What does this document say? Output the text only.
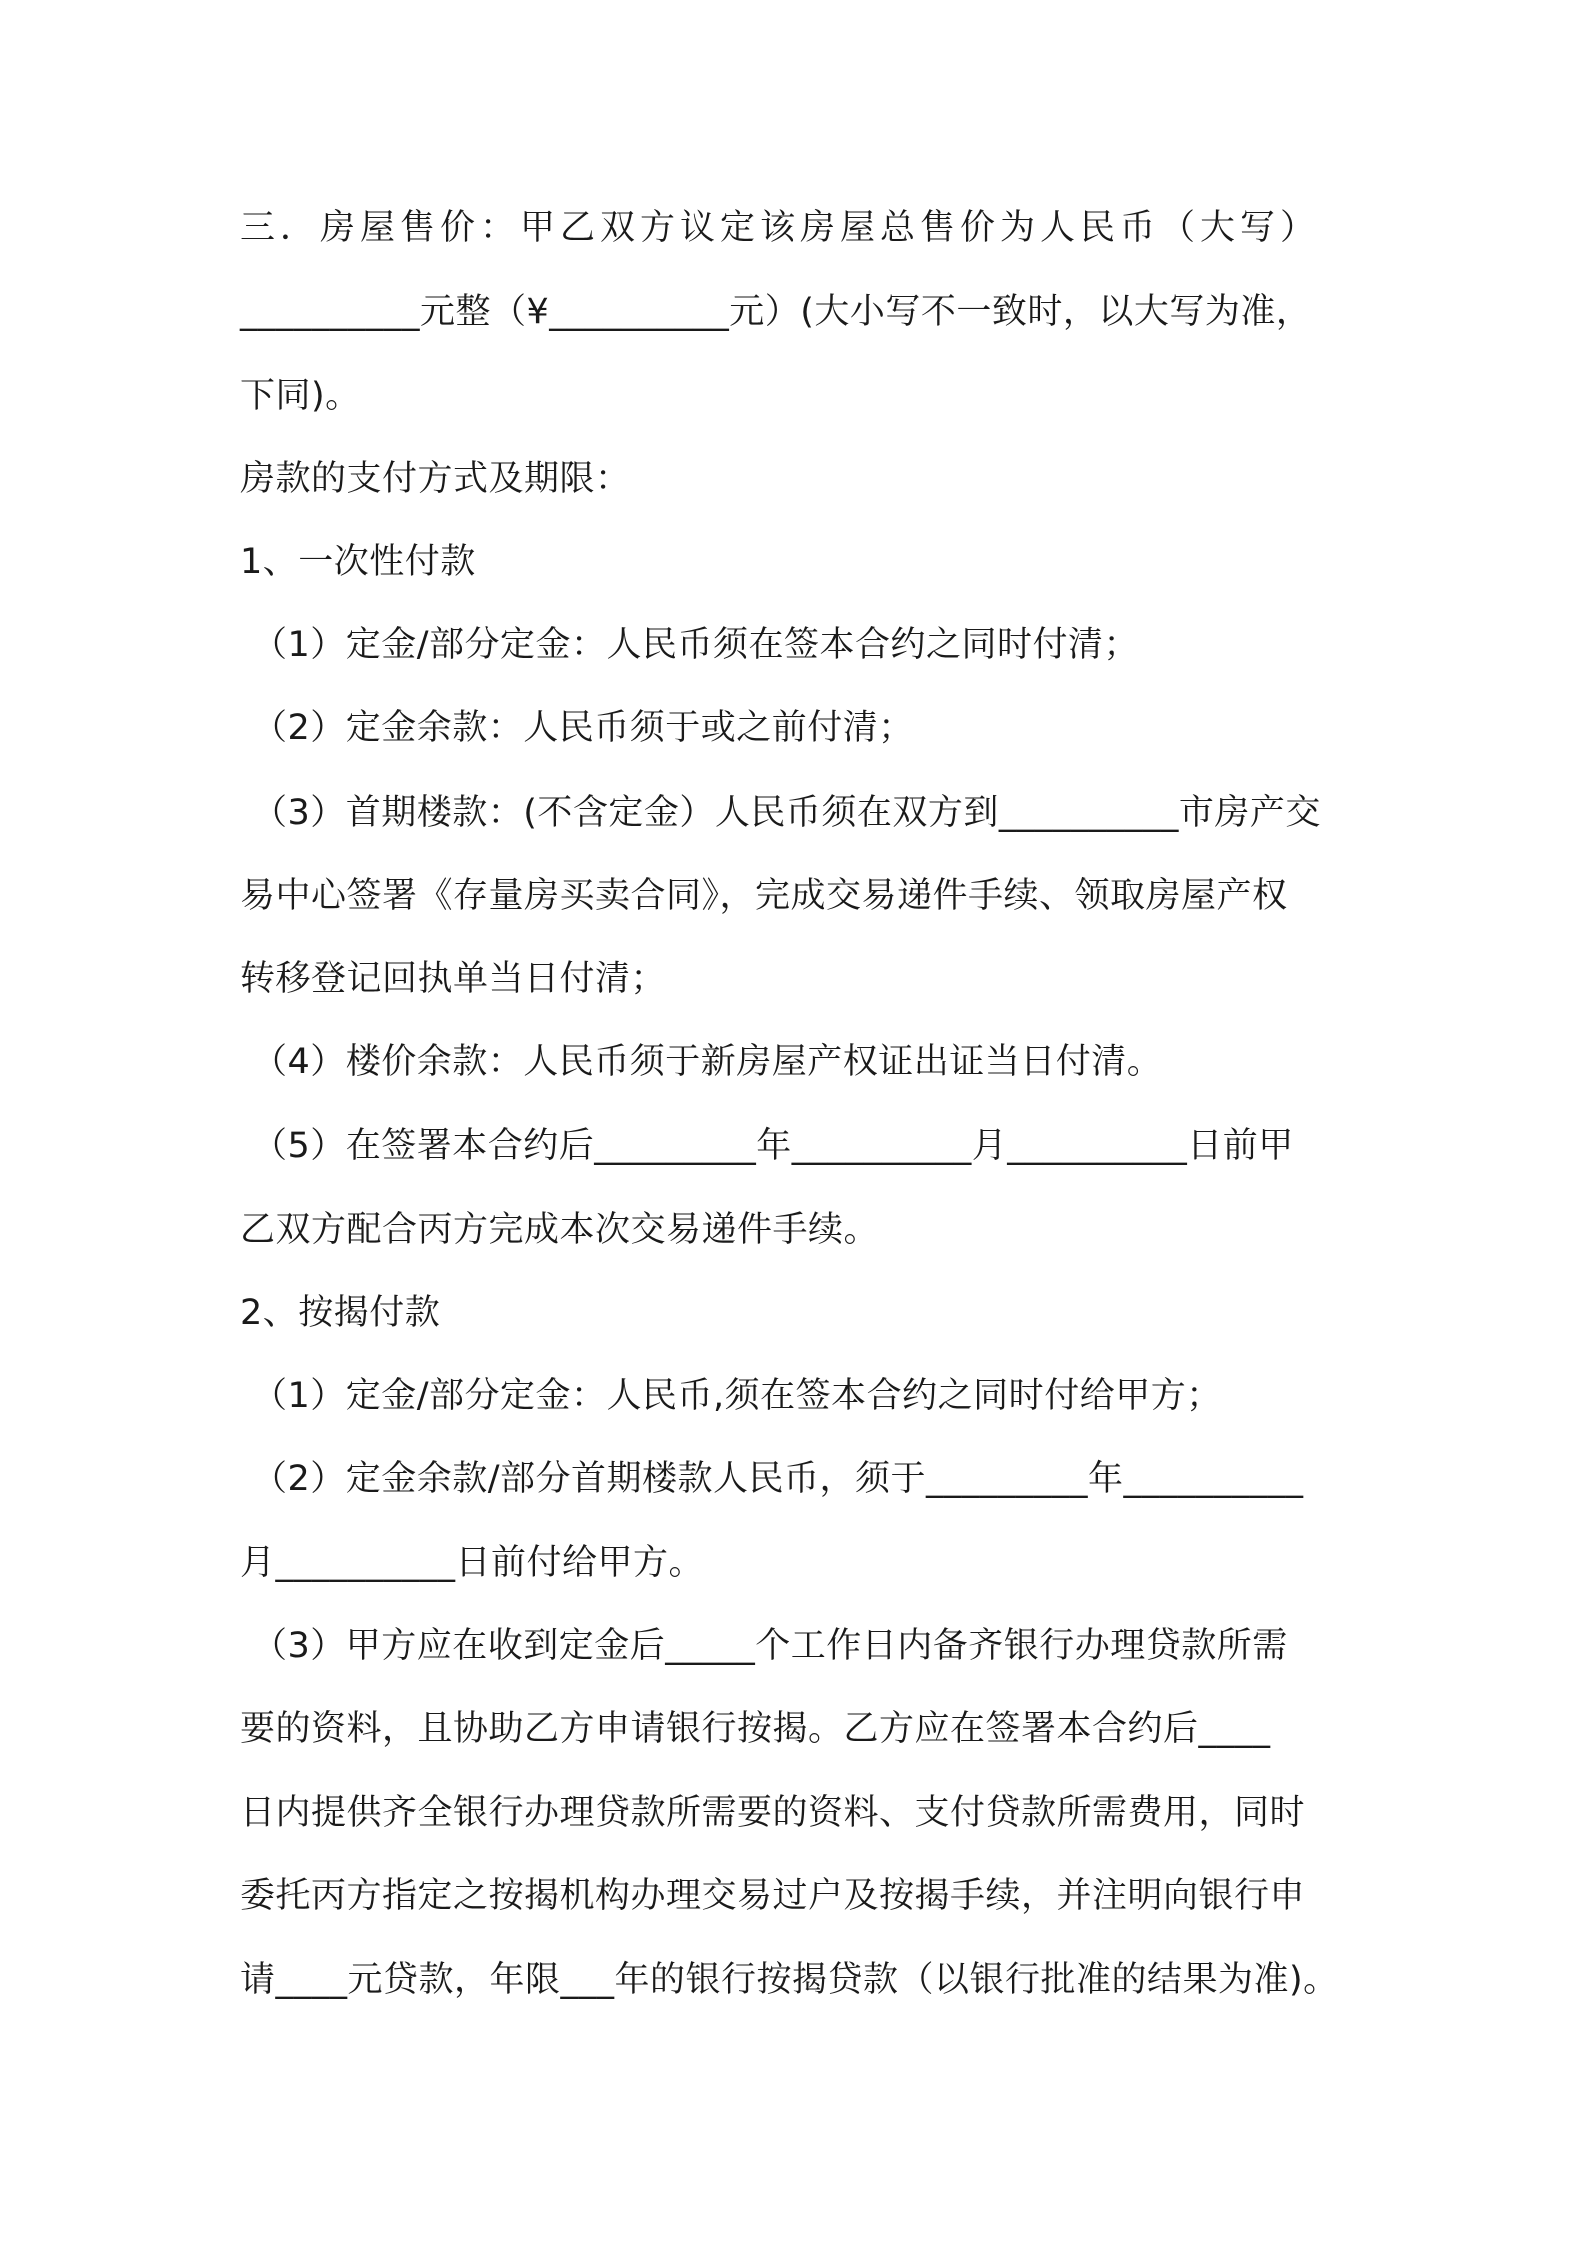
三．房屋售价：甲乙双方议定该房屋总售价为人民币（大写）
__________元整（¥__________元）(大小写不一致时，以大写为准，
下同)。
房款的支付方式及期限：
1、一次性付款
（1）定金/部分定金：人民币须在签本合约之同时付清；
（2）定金余款：人民币须于或之前付清；
（3）首期楼款：(不含定金）人民币须在双方到__________市房产交
易中心签署《存量房买卖合同》，完成交易递件手续、领取房屋产权
转移登记回执单当日付清；
（4）楼价余款：人民币须于新房屋产权证出证当日付清。
（5）在签署本合约后_________年__________月__________日前甲
乙双方配合丙方完成本次交易递件手续。
2、按揭付款
（1）定金/部分定金：人民币,须在签本合约之同时付给甲方；
（2）定金余款/部分首期楼款人民币，须于_________年__________
月__________日前付给甲方。
（3）甲方应在收到定金后_____个工作日内备齐银行办理贷款所需
要的资料，且协助乙方申请银行按揭。乙方应在签署本合约后____
日内提供齐全银行办理贷款所需要的资料、支付贷款所需费用，同时
委托丙方指定之按揭机构办理交易过户及按揭手续，并注明向银行申
请____元贷款，年限___年的银行按揭贷款（以银行批准的结果为准)。
